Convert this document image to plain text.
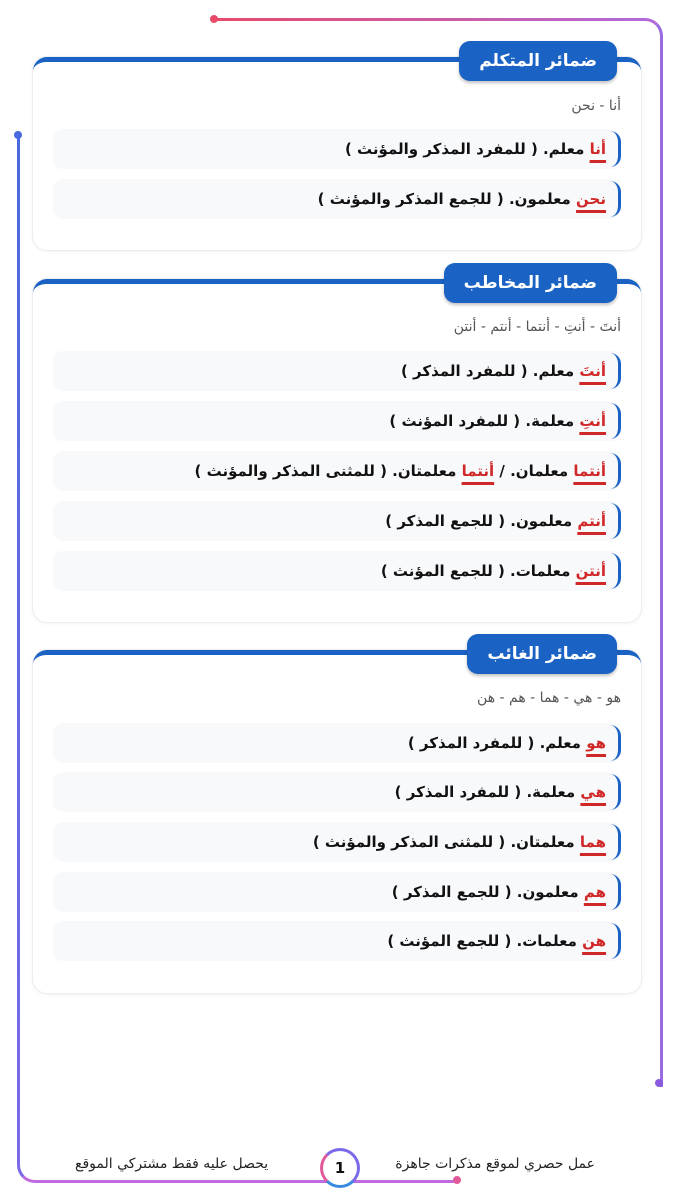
ضمائر المتكلم
أنا - نحن
أنا معلم. ( للمفرد المذكر والمؤنث )
نحن معلمون. ( للجمع المذكر والمؤنث )
ضمائر المخاطب
أنتَ - أنتِ - أنتما - أنتم - أنتن
أنتَ معلم. ( للمفرد المذكر )
أنتِ معلمة. ( للمفرد المؤنث )
أنتما معلمان. / أنتما معلمتان. ( للمثنى المذكر والمؤنث )
أنتم معلمون. ( للجمع المذكر )
أنتن معلمات. ( للجمع المؤنث )
ضمائر الغائب
هو - هي - هما - هم - هن
هو معلم. ( للمفرد المذكر )
هي معلمة. ( للمفرد المذكر )
هما معلمتان. ( للمثنى المذكر والمؤنث )
هم معلمون. ( للجمع المذكر )
هن معلمات. ( للجمع المؤنث )
عمل حصري لموقع مذكرات جاهزة
1
يحصل عليه فقط مشتركي الموقع
